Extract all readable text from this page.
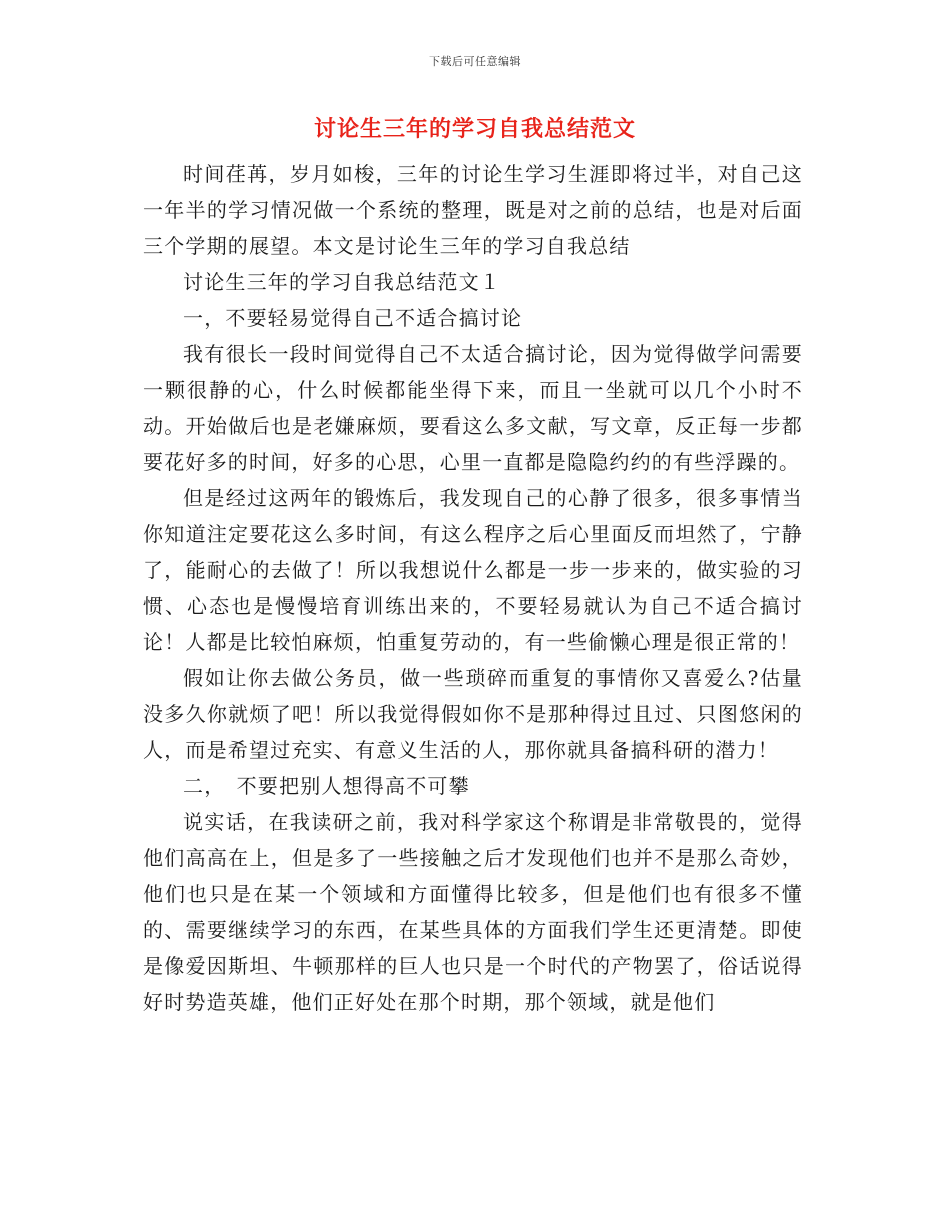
下载后可任意编辑
讨论生三年的学习自我总结范文

时间荏苒，岁月如梭，三年的讨论生学习生涯即将过半，对自己这一年半的学习情况做一个系统的整理，既是对之前的总结，也是对后面三个学期的展望。本文是讨论生三年的学习自我总结

讨论生三年的学习自我总结范文１

一，不要轻易觉得自己不适合搞讨论

我有很长一段时间觉得自己不太适合搞讨论，因为觉得做学问需要一颗很静的心，什么时候都能坐得下来，而且一坐就可以几个小时不动。开始做后也是老嫌麻烦，要看这么多文献，写文章，反正每一步都要花好多的时间，好多的心思，心里一直都是隐隐约约的有些浮躁的。

但是经过这两年的锻炼后，我发现自己的心静了很多，很多事情当你知道注定要花这么多时间，有这么程序之后心里面反而坦然了，宁静了，能耐心的去做了！所以我想说什么都是一步一步来的，做实验的习惯、心态也是慢慢培育训练出来的，不要轻易就认为自己不适合搞讨论！人都是比较怕麻烦，怕重复劳动的，有一些偷懒心理是很正常的！

假如让你去做公务员，做一些琐碎而重复的事情你又喜爱么?估量没多久你就烦了吧！所以我觉得假如你不是那种得过且过、只图悠闲的人，而是希望过充实、有意义生活的人，那你就具备搞科研的潜力！

二，　不要把别人想得高不可攀

说实话，在我读研之前，我对科学家这个称谓是非常敬畏的，觉得他们高高在上，但是多了一些接触之后才发现他们也并不是那么奇妙，他们也只是在某一个领域和方面懂得比较多，但是他们也有很多不懂的、需要继续学习的东西，在某些具体的方面我们学生还更清楚。即使是像爱因斯坦、牛顿那样的巨人也只是一个时代的产物罢了，俗话说得好时势造英雄，他们正好处在那个时期，那个领域，就是他们
